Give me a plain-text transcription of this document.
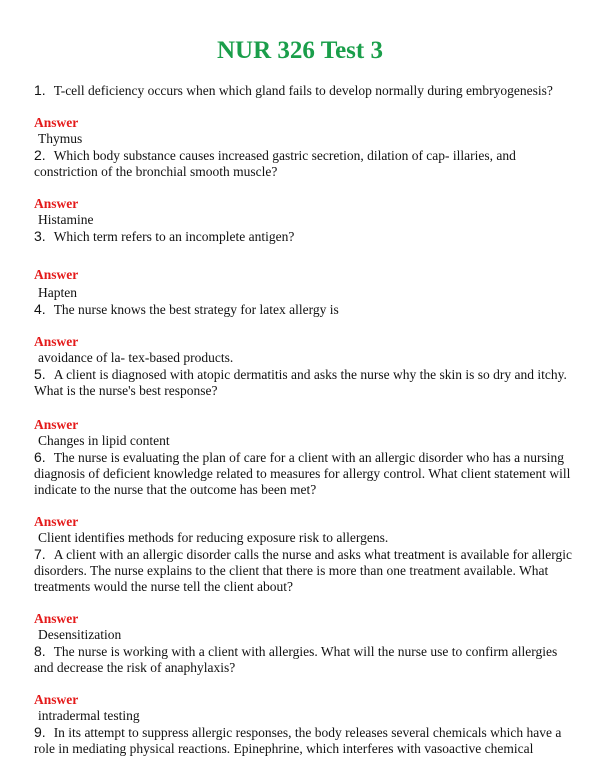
NUR 326 Test 3
1. T-cell deficiency occurs when which gland fails to develop normally during embryogenesis?
Answer
Thymus
2. Which body substance causes increased gastric secretion, dilation of cap- illaries, and constriction of the bronchial smooth muscle?
Answer
Histamine
3. Which term refers to an incomplete antigen?
Answer
Hapten
4. The nurse knows the best strategy for latex allergy is
Answer
avoidance of la- tex-based products.
5. A client is diagnosed with atopic dermatitis and asks the nurse why the skin is so dry and itchy. What is the nurse's best response?
Answer
Changes in lipid content
6. The nurse is evaluating the plan of care for a client with an allergic disorder who has a nursing diagnosis of deficient knowledge related to measures for allergy control. What client statement will indicate to the nurse that the outcome has been met?
Answer
Client identifies methods for reducing exposure risk to allergens.
7. A client with an allergic disorder calls the nurse and asks what treatment is available for allergic disorders. The nurse explains to the client that there is more than one treatment available. What treatments would the nurse tell the client about?
Answer
Desensitization
8. The nurse is working with a client with allergies. What will the nurse use to confirm allergies and decrease the risk of anaphylaxis?
Answer
intradermal testing
9. In its attempt to suppress allergic responses, the body releases several chemicals which have a role in mediating physical reactions. Epinephrine, which interferes with vasoactive chemical
